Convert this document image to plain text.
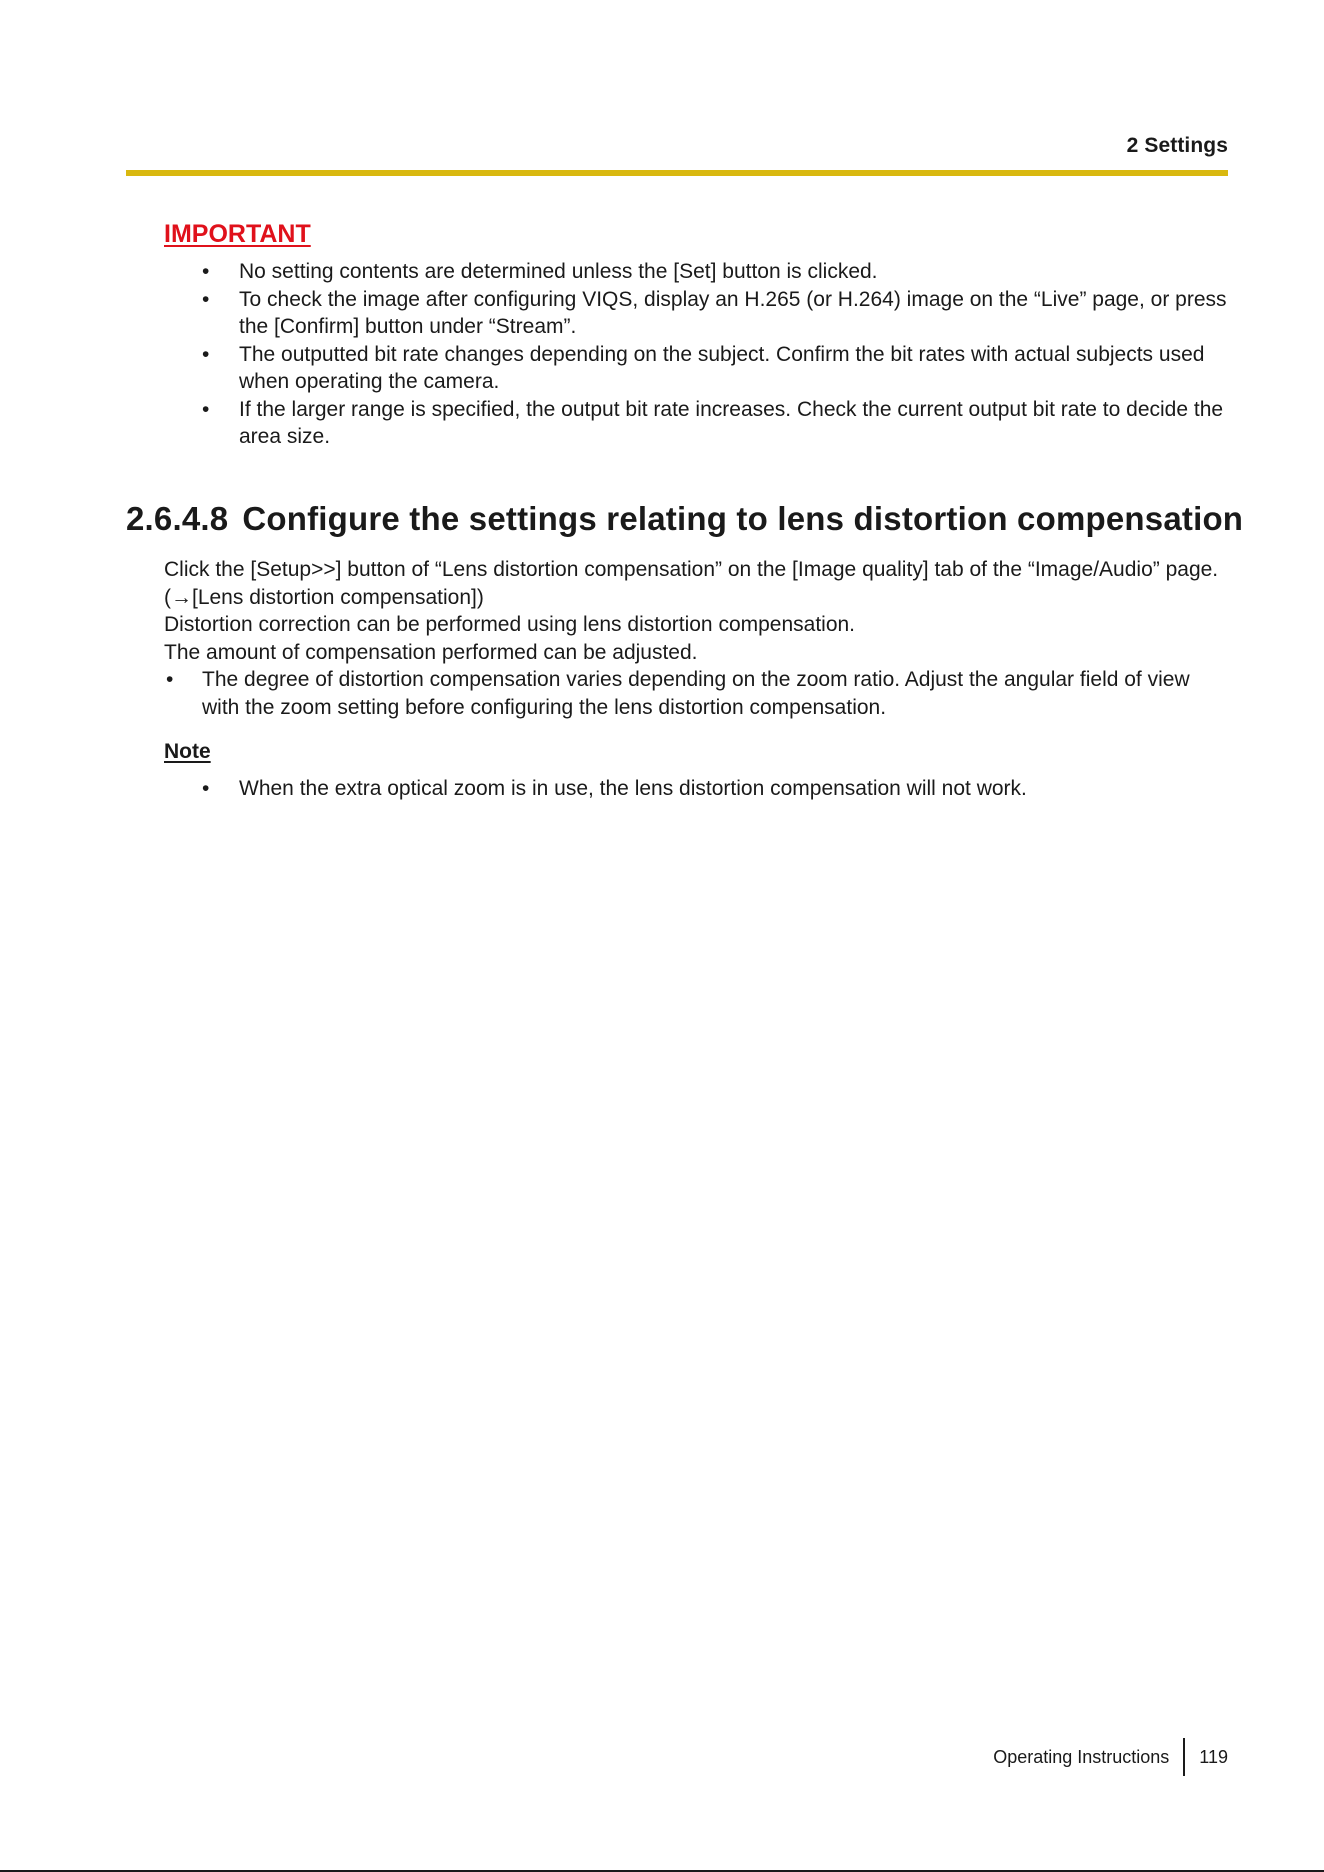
2 Settings
IMPORTANT
• No setting contents are determined unless the [Set] button is clicked.
• To check the image after configuring VIQS, display an H.265 (or H.264) image on the “Live” page, or press the [Confirm] button under “Stream”.
• The outputted bit rate changes depending on the subject. Confirm the bit rates with actual subjects used when operating the camera.
• If the larger range is specified, the output bit rate increases. Check the current output bit rate to decide the area size.
2.6.4.8 Configure the settings relating to lens distortion compensation

Click the [Setup>>] button of “Lens distortion compensation” on the [Image quality] tab of the “Image/Audio” page. (→[Lens distortion compensation])

Distortion correction can be performed using lens distortion compensation.

The amount of compensation performed can be adjusted.

• The degree of distortion compensation varies depending on the zoom ratio. Adjust the angular field of view with the zoom setting before configuring the lens distortion compensation.
Note
• When the extra optical zoom is in use, the lens distortion compensation will not work.
Operating Instructions 119
